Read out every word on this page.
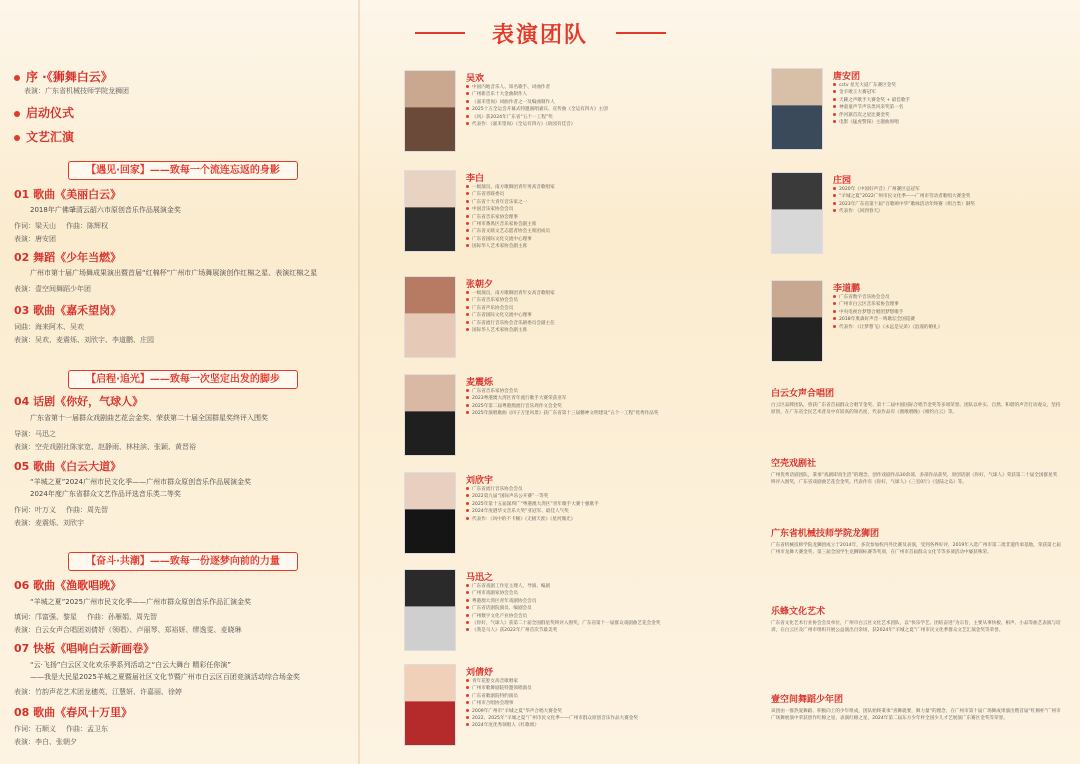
序 ·《狮舞白云》
表演：广东省机械技师学院龙狮团
启动仪式
文艺汇演
【遇见·回家】——致每一个流连忘返的身影
01 歌曲《美丽白云》
2018年广佛肇清云韶六市原创音乐作品展演金奖
作词：梁天山 作曲：陈辉权
表演：唐安团
02 舞蹈《少年当燃》
广州市第十届广场舞成果演出暨首届“红棉杯”广州市广场舞展演创作红棉之星、表演红棉之星
表演：壹空间舞蹈少年团
03 歌曲《嘉禾望岗》
词曲：海来阿木、吴欢
表演：吴欢、麦震烁、刘欣宇、李道鹏、庄园
【启程·追光】——致每一次坚定出发的脚步
04 话剧《你好，气球人》
广东省第十一届群众戏剧曲艺花会金奖、荣获第二十届全国群星奖终评入围奖
导演：马迅之
表演：空壳戏剧社陈家宽、赵静雨、林桂滨、张颖、黄晋裕
05 歌曲《白云大道》
“羊城之夏”2024广州市民文化季——广州市群众原创音乐作品展演金奖
2024年度广东省群众文艺作品评选音乐类二等奖
作词：叶万义 作曲：周先智
表演：麦震烁、刘欣宇
【奋斗·共潮】——致每一份逐梦向前的力量
06 歌曲《渔歌唱晚》
“羊城之夏”2025广州市民文化季——广州市群众原创音乐作品汇演金奖
填词：邝富强、黎星 作曲：孙雁娟、周先智
表演：白云女声合唱团刘倩妤（领唱）、卢丽琴、郑裕妍、缪逸雯、麦晓琳
07 快板《唱响白云新画卷》
“云·飞扬”白云区文化欢乐季系列活动之“白云大舞台 精彩任你演”
——我是大民星2025羊城之夏暨届社区文化节暨广州市白云区百团竞演活动综合场金奖
表演：竹韵声花艺术团龙穗英、江慧妍、许嘉丽、徐婷
08 歌曲《春风十万里》
作词：石顺义 作曲：孟卫东
表演：李白、张朝夕
表演团队
吴欢
中国内地音乐人、知名歌手、词曲作者
广州新音乐十大金曲制作人
《嘉禾望岗》词曲作者之一及编曲制作人
2025十五全运会开幕式特邀演唱嘉宾、宣传曲《全运有四方》主创
《风》获2024年广东省“五个一工程”奖
代表作：《嘉禾望岗》《全运有四方》《故园有佳音》
李白
一级演员、南方歌舞团青年男高音歌唱家
广东省青联委员
广东省十大青年音乐家之一
中国音乐家协会会员
广东省音乐家协会理事
广州市番禺区音乐家协会副主席
广东省文联文艺志愿者协会主席团成员
广东省国际文化交流中心理事
国际华人艺术家协会副主席
张朝夕
一级演员，南方歌舞团青年女高音歌唱家
广东省音乐家协会会员
广东省声乐协会会员
广东省国际文化交流中心理事
广东省流行音乐协会音乐剧委员会副主任
国际华人艺术家协会副主席
麦震烁
广东省音乐家协会会员
2023粤港澳大湾区青年流行歌手大赛荣获亚军
2025年第二届粤港澳流行音乐周作文会金奖
2025年演唱歌曲《回子万里风景》获广东省第十三届精神文明建设“五个一工程”优秀作品奖
刘欣宇
广东省流行音乐协会会员
2022第九届“国际声乐公开赛”一等奖
2025年第十五届深圳广“粤港澳大湾区”青年歌手大赛十强歌手
2024年度港华文音乐大奖“亚冠军、最佳人气奖
代表作：《风中的不卡顿》《无极天涯》《星河微光》
马迅之
广东省戏剧工作室主理人，导演、编剧
广州市戏剧家协会会员
粤港澳大湾区青年戏剧协会会员
广东省话剧院演员、编剧会员
广州数字文化产业协会会员
《你好，气球人》获第二十届全国群星奖终评入围奖，广东省第十一届群众戏剧曲艺花会金奖
《我是马人》获2022年广州首次节最美奖
刘倩妤
青年花腔女高音歌唱家
广州市歌舞剧院特邀领唱演员
广东省歌剧院特约演员
广州市合唱协会理事
2009年广州市“羊城之夏”华声合唱大赛金奖
2022、2025年“羊城之夏”广州市民文化季——广州市群众原创音乐作品大赛金奖
2024年度优秀领唱人《红歌颂》
唐安团
cctv 星光大道广东赛区金奖
金羊歌王大赛冠军
天籁之声歌手大赛金奖 + 最佳歌手
神童童声节声乐类风采奖第一名
伴河寨首次之星比赛金奖
电影《猛虎警探》主题曲原唱
庄园
2020年《中国好声音》广州赛区总冠军
“羊城之夏”2022广州市民文化季——广州市劳动者歌唱大赛金奖
2023年广东省第十届“百歌颂中华”歌咏活动年终赛（组合类）铜奖
代表作：《回到春天》
李道鹏
广东省数字音乐协会会员
广州市白云区音乐家协会理事
中央电视台梦想合唱团梦想歌手
2018年奥森好声音一鸣歌坛全国巡赛
代表作：《让梦想飞》《永远是兄弟》《浪漫的婚礼》
白云女声合唱团
白云区品牌团队，曾获广东省首届群众合唱节金奖、第十二届中国国际合唱节金奖等多项荣誉。团队以朴实、自然、和谐的声音打动观众，坚持原创，在广东省全民艺术普及中有较高的知名度，代表作品有《渔歌唱晚》《相约白云》等。
空壳戏剧社
广州优秀话剧团队，秉承“戏剧即真生活”的理念，创作戏剧作品30余部，多部作品获奖，原创话剧《你好，气球人》荣获第二十届全国群星奖终评入围奖，广东省戏剧曲艺花会金奖。代表作有《你好，气球人》《三室0厅》《登陆之岛》等。
广东省机械技师学院龙狮团
广东省机械技师学院龙狮团成立于2014年，多次参加校内外比赛及表演，受到各界好评，2019年入选广州市第二批非遗传承基地，荣获第七届广州市龙舞大赛金奖、第三届全国学生龙狮锦标赛等奖项，在广州市首届群众文化节等多项活动中屡获殊荣。
乐蜂文化艺术
广东省文化艺术行业协会会员单位，广州市白云区文化艺术团队，以“快乐学艺、团结奋进”为宗旨，主要从事快板、相声、小品等曲艺表演与培训，在白云区及广州市组织开展公益演出百余场，获2024年“羊城之夏”广州市民文化季群众文艺汇演金奖等荣誉。
壹空间舞蹈少年团
该团由一群热爱舞蹈、积极向上的少年组成，团队始终秉承“喜舞就要，舞力量“的理念，在广州市第十届广场舞成果演出暨首届“红棉杯”广州市广场舞展演中荣获创作红棉之星、表演红棉之星，2024年第二届东方少年杯全国少儿才艺展演广东赛区金奖等荣誉。
